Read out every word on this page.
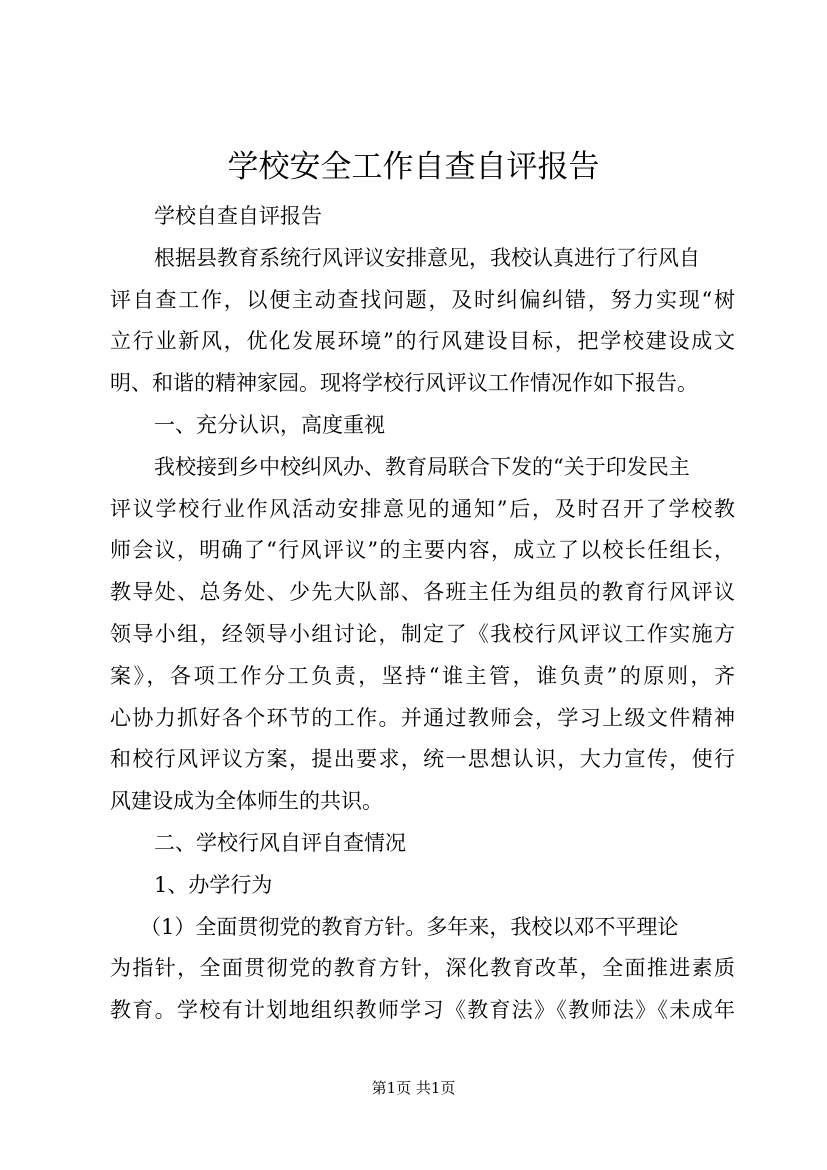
学校安全工作自查自评报告
学校自查自评报告
根据县教育系统行风评议安排意见，我校认真进行了行风自
评自查工作，以便主动查找问题，及时纠偏纠错，努力实现“树
立行业新风，优化发展环境”的行风建设目标，把学校建设成文
明、和谐的精神家园。现将学校行风评议工作情况作如下报告。
一、充分认识，高度重视
我校接到乡中校纠风办、教育局联合下发的“关于印发民主
评议学校行业作风活动安排意见的通知”后，及时召开了学校教
师会议，明确了“行风评议”的主要内容，成立了以校长任组长，
教导处、总务处、少先大队部、各班主任为组员的教育行风评议
领导小组，经领导小组讨论，制定了《我校行风评议工作实施方
案》，各项工作分工负责，坚持“谁主管，谁负责”的原则，齐
心协力抓好各个环节的工作。并通过教师会，学习上级文件精神
和校行风评议方案，提出要求，统一思想认识，大力宣传，使行
风建设成为全体师生的共识。
二、学校行风自评自查情况
1、办学行为
（1）全面贯彻党的教育方针。多年来，我校以邓不平理论
为指针，全面贯彻党的教育方针，深化教育改革，全面推进素质
教育。学校有计划地组织教师学习《教育法》《教师法》《未成年
第1页 共1页
